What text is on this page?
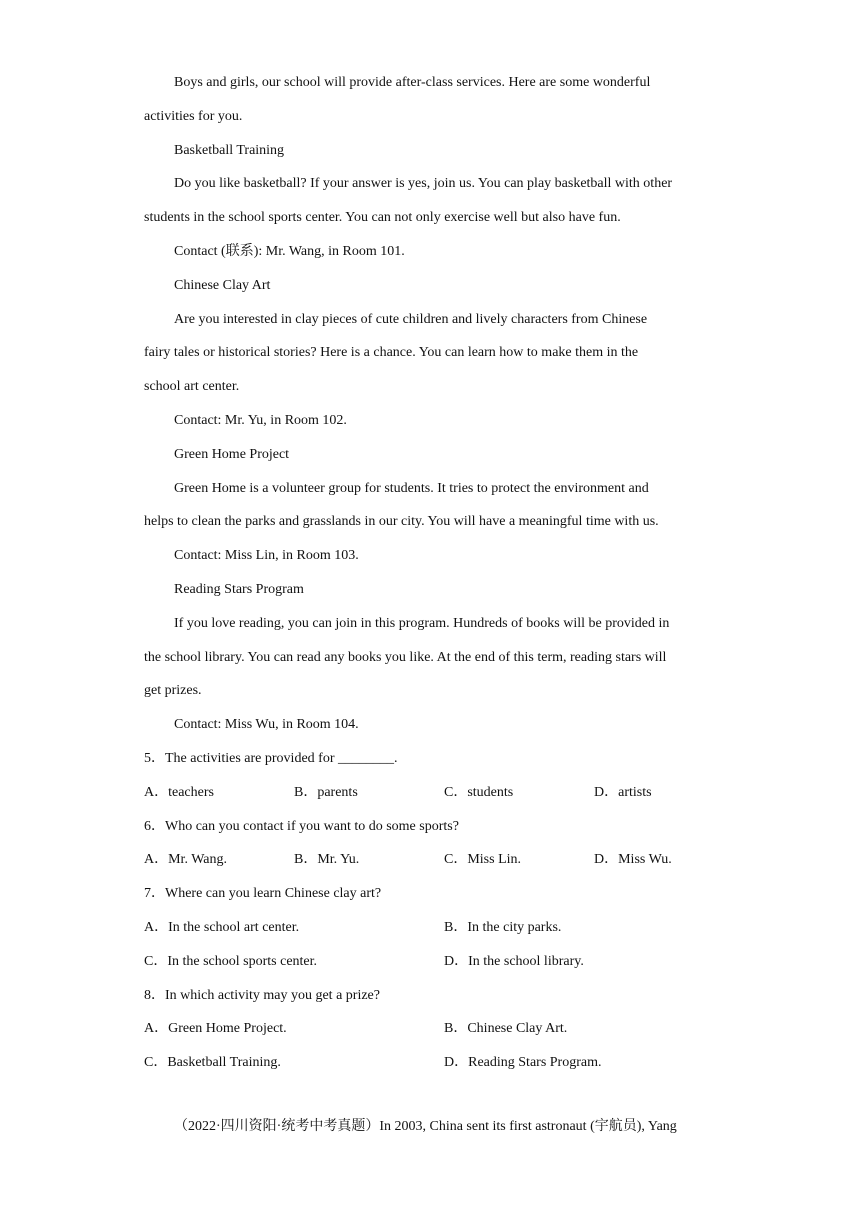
Boys and girls, our school will provide after-class services. Here are some wonderful
activities for you.
Basketball Training
Do you like basketball? If your answer is yes, join us. You can play basketball with other
students in the school sports center. You can not only exercise well but also have fun.
Contact (联系): Mr. Wang, in Room 101.
Chinese Clay Art
Are you interested in clay pieces of cute children and lively characters from Chinese
fairy tales or historical stories? Here is a chance. You can learn how to make them in the
school art center.
Contact: Mr. Yu, in Room 102.
Green Home Project
Green Home is a volunteer group for students. It tries to protect the environment and
helps to clean the parks and grasslands in our city. You will have a meaningful time with us.
Contact: Miss Lin, in Room 103.
Reading Stars Program
If you love reading, you can join in this program. Hundreds of books will be provided in
the school library. You can read any books you like. At the end of this term, reading stars will
get prizes.
Contact: Miss Wu, in Room 104.
5．The activities are provided for ________.
A．teachers	B．parents	C．students	D．artists
6．Who can you contact if you want to do some sports?
A．Mr. Wang.	B．Mr. Yu.	C．Miss Lin.	D．Miss Wu.
7．Where can you learn Chinese clay art?
A．In the school art center.	B．In the city parks.
C．In the school sports center.	D．In the school library.
8．In which activity may you get a prize?
A．Green Home Project.	B．Chinese Clay Art.
C．Basketball Training.	D．Reading Stars Program.
（2022·四川资阳·统考中考真题）In 2003, China sent its first astronaut (宇航员), Yang
